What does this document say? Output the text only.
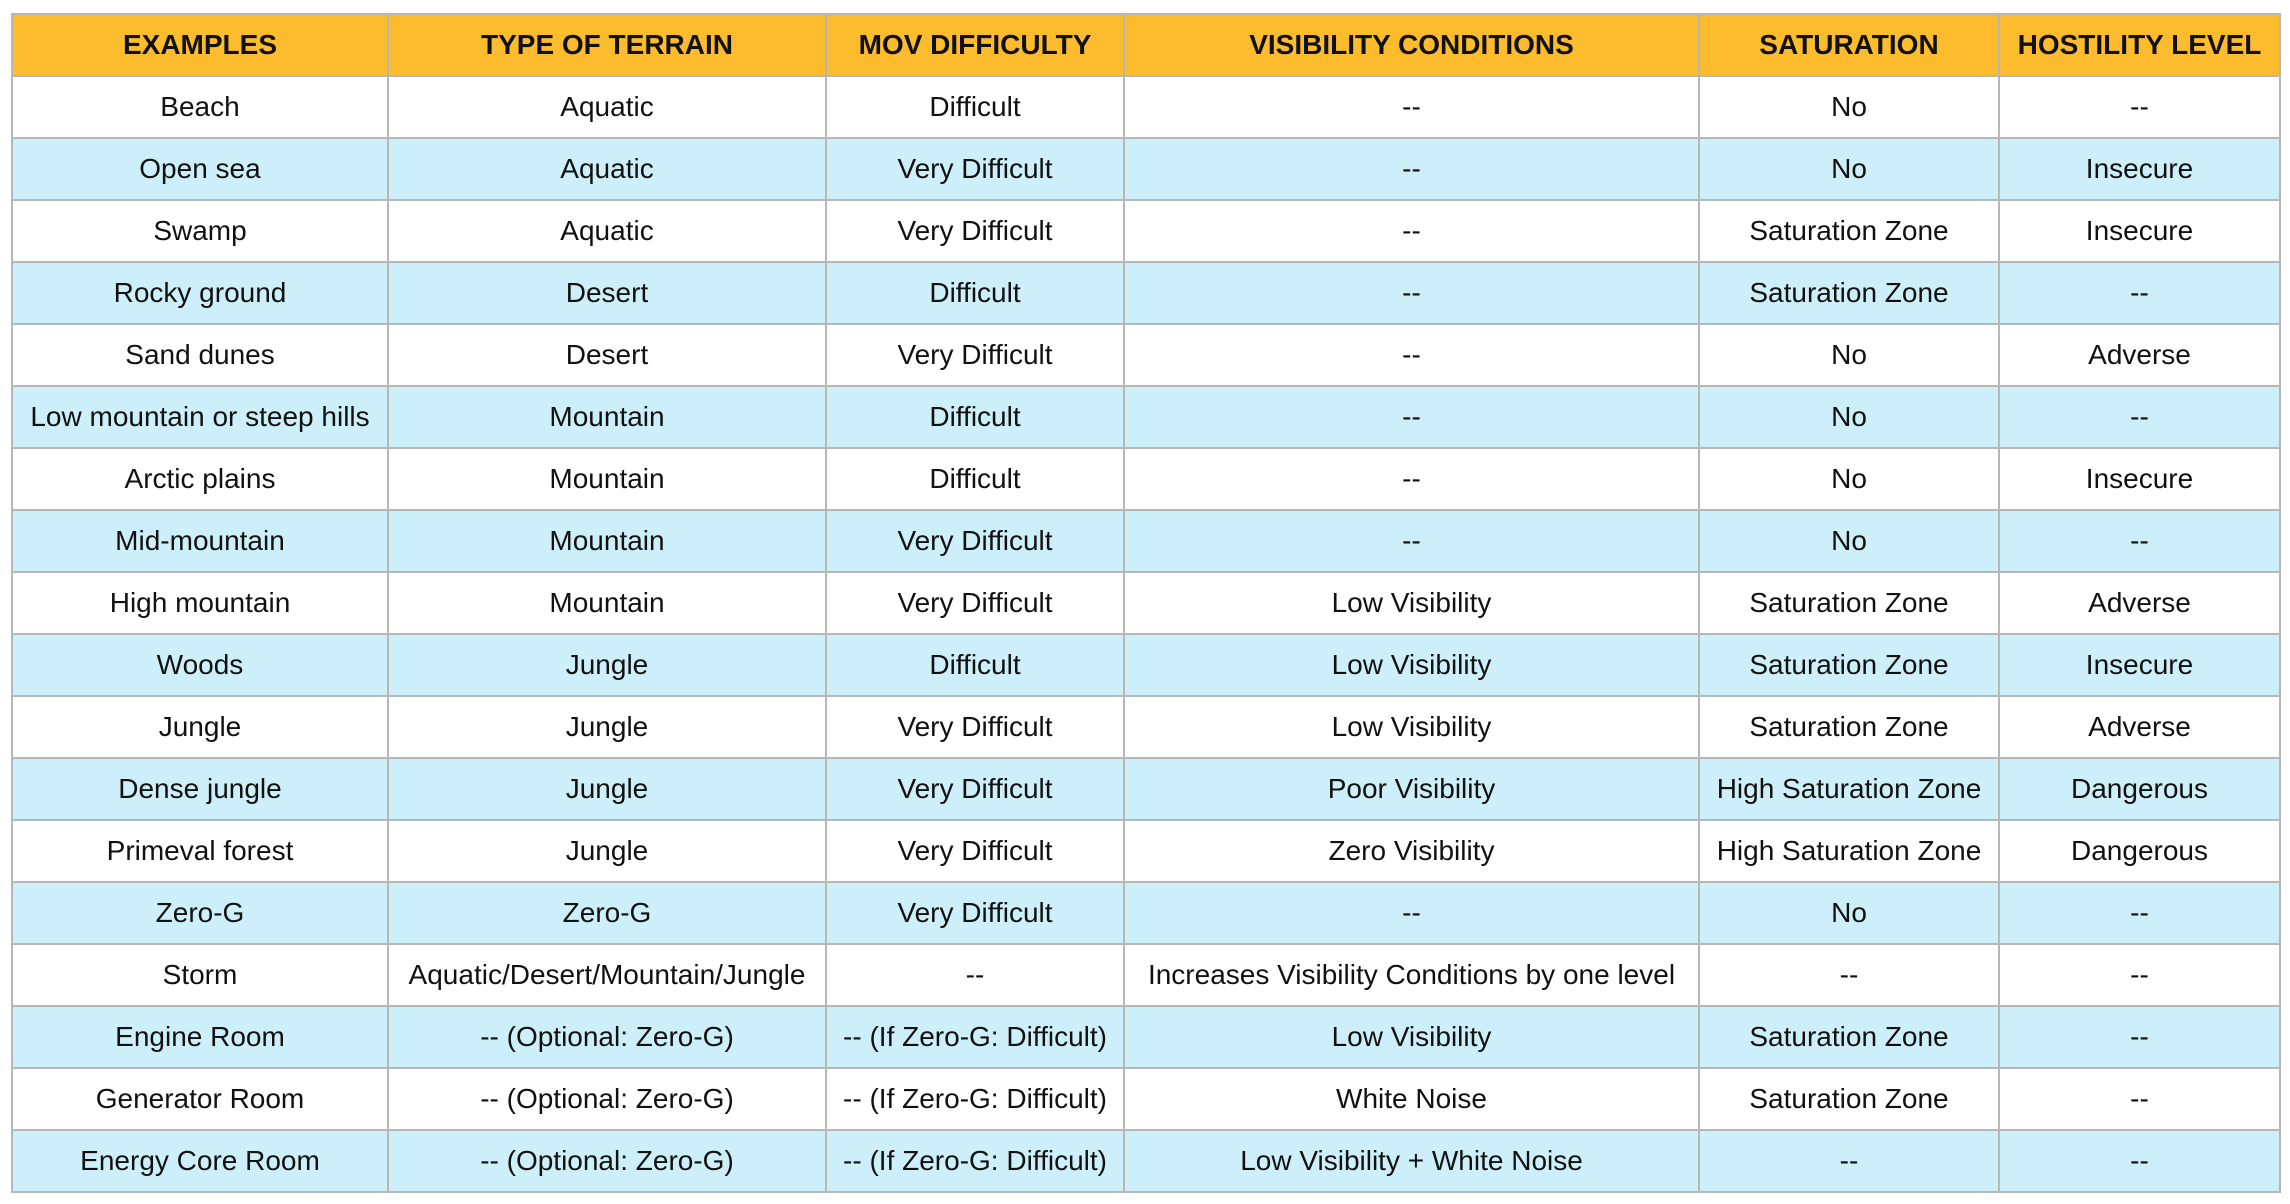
EXAMPLES	TYPE OF TERRAIN	MOV DIFFICULTY	VISIBILITY CONDITIONS	SATURATION	HOSTILITY LEVEL
Beach	Aquatic	Difficult	--	No	--
Open sea	Aquatic	Very Difficult	--	No	Insecure
Swamp	Aquatic	Very Difficult	--	Saturation Zone	Insecure
Rocky ground	Desert	Difficult	--	Saturation Zone	--
Sand dunes	Desert	Very Difficult	--	No	Adverse
Low mountain or steep hills	Mountain	Difficult	--	No	--
Arctic plains	Mountain	Difficult	--	No	Insecure
Mid-mountain	Mountain	Very Difficult	--	No	--
High mountain	Mountain	Very Difficult	Low Visibility	Saturation Zone	Adverse
Woods	Jungle	Difficult	Low Visibility	Saturation Zone	Insecure
Jungle	Jungle	Very Difficult	Low Visibility	Saturation Zone	Adverse
Dense jungle	Jungle	Very Difficult	Poor Visibility	High Saturation Zone	Dangerous
Primeval forest	Jungle	Very Difficult	Zero Visibility	High Saturation Zone	Dangerous
Zero-G	Zero-G	Very Difficult	--	No	--
Storm	Aquatic/Desert/Mountain/Jungle	--	Increases Visibility Conditions by one level	--	--
Engine Room	-- (Optional: Zero-G)	-- (If Zero-G: Difficult)	Low Visibility	Saturation Zone	--
Generator Room	-- (Optional: Zero-G)	-- (If Zero-G: Difficult)	White Noise	Saturation Zone	--
Energy Core Room	-- (Optional: Zero-G)	-- (If Zero-G: Difficult)	Low Visibility + White Noise	--	--
